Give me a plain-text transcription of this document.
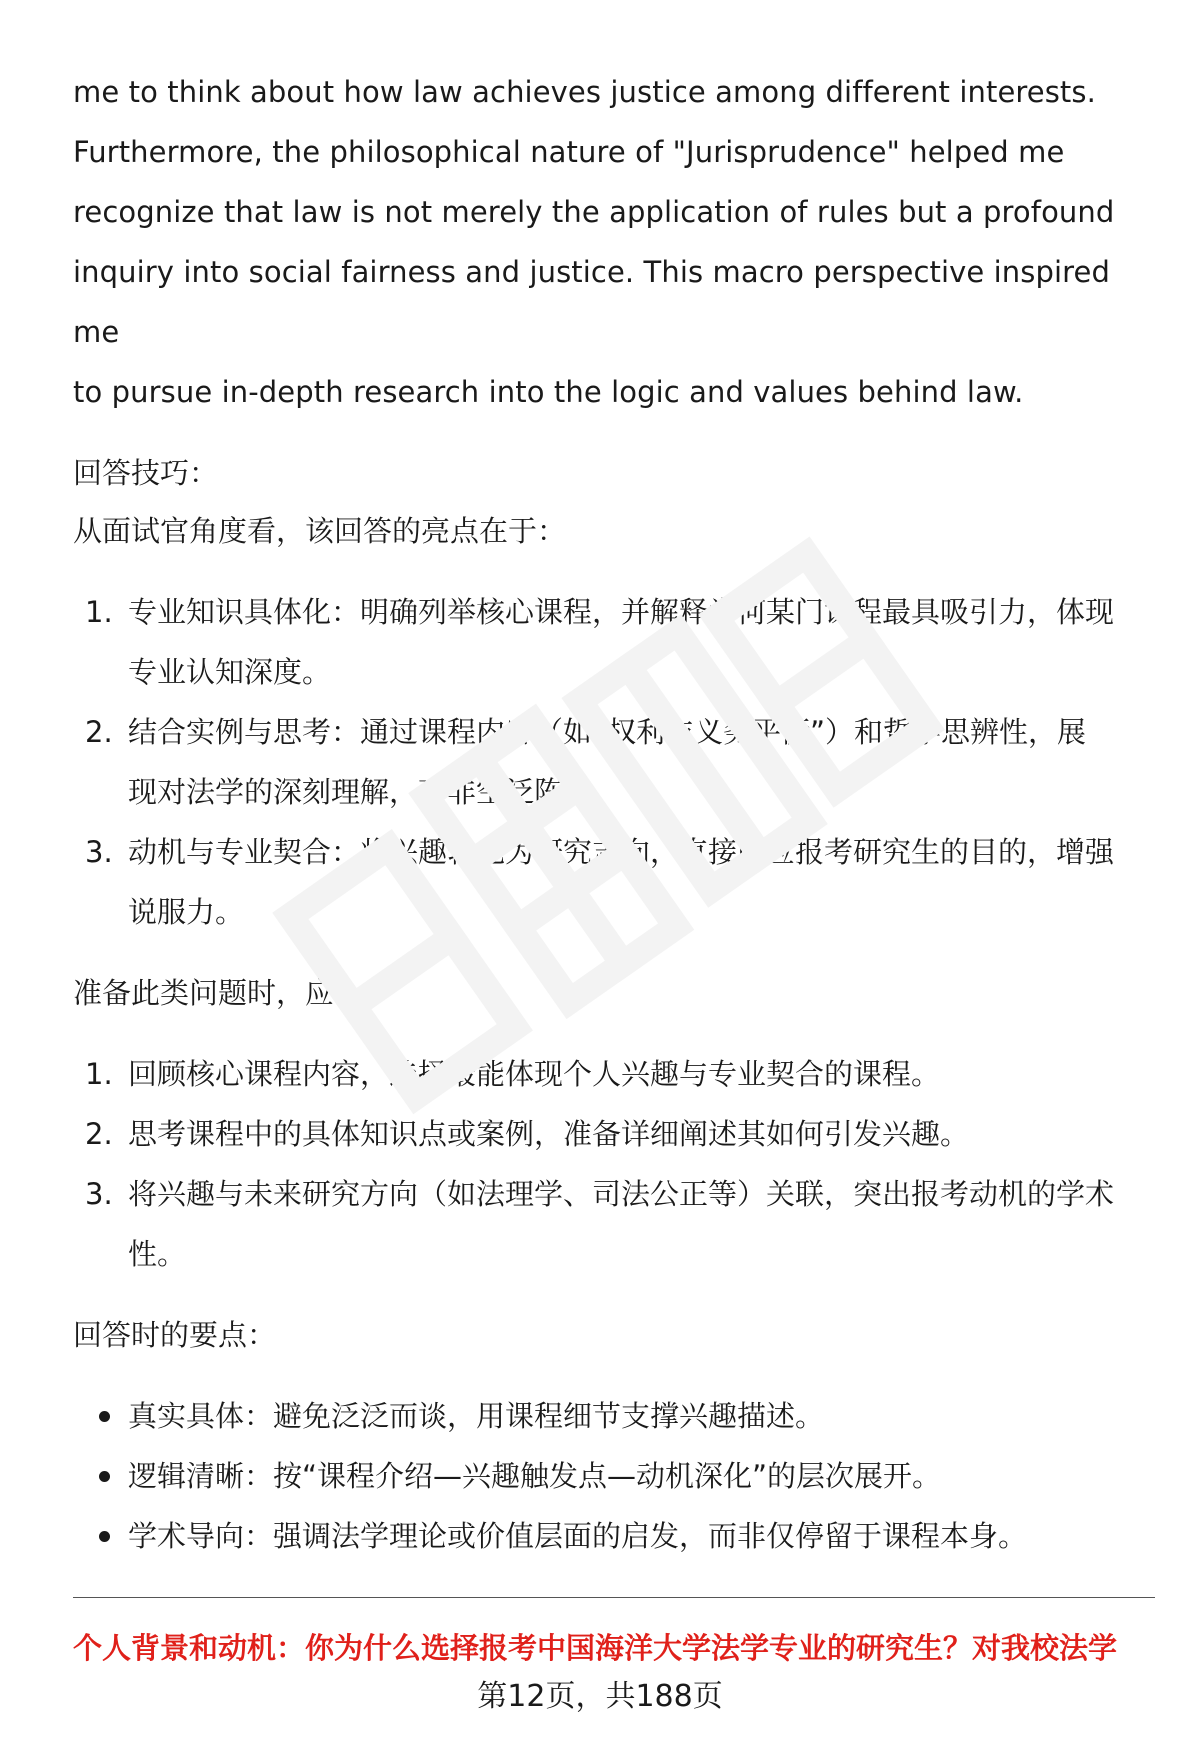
me to think about how law achieves justice among different interests.

Furthermore, the philosophical nature of "Jurisprudence" helped me

recognize that law is not merely the application of rules but a profound

inquiry into social fairness and justice. This macro perspective inspired me

to pursue in-depth research into the logic and values behind law.

回答技巧：

从面试官角度看，该回答的亮点在于：

1. 专业知识具体化：明确列举核心课程，并解释为何某门课程最具吸引力，体现
专业认知深度。
2. 结合实例与思考：通过课程内容（如“权利与义务平衡”）和哲学思辨性，展
现对法学的深刻理解，而非空泛陈述。
3. 动机与专业契合：将兴趣转化为研究志向，直接回应报考研究生的目的，增强
说服力。

准备此类问题时，应：

1. 回顾核心课程内容，选择最能体现个人兴趣与专业契合的课程。
2. 思考课程中的具体知识点或案例，准备详细阐述其如何引发兴趣。
3. 将兴趣与未来研究方向（如法理学、司法公正等）关联，突出报考动机的学术
性。

回答时的要点：

真实具体：避免泛泛而谈，用课程细节支撑兴趣描述。
逻辑清晰：按“课程介绍—兴趣触发点—动机深化”的层次展开。
学术导向：强调法学理论或价值层面的启发，而非仅停留于课程本身。
个人背景和动机：你为什么选择报考中国海洋大学法学专业的研究生？对我校法学
第12页，共188页
